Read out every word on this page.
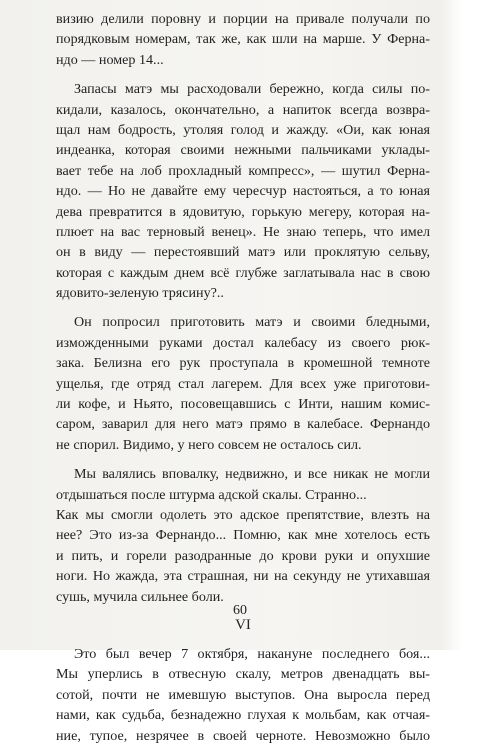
визию делили поровну и порции на привале получали по
порядковым номерам, так же, как шли на марше. У Ферна-
ндо — номер 14...
Запасы матэ мы расходовали бережно, когда силы по-
кидали, казалось, окончательно, а напиток всегда возвра-
щал нам бодрость, утоляя голод и жажду. «Ои, как юная
индеанка, которая своими нежными пальчиками уклады-
вает тебе на лоб прохладный компресс», — шутил Ферна-
ндо. — Но не давайте ему чересчур настояться, а то юная
дева превратится в ядовитую, горькую мегеру, которая на-
плюет на вас терновый венец». Не знаю теперь, что имел
он в виду — перестоявший матэ или проклятую сельву,
которая с каждым днем всё глубже заглатывала нас в свою
ядовито-зеленую трясину?..
Он попросил приготовить матэ и своими бледными,
изможденными руками достал калебасу из своего рюк-
зака. Белизна его рук проступала в кромешной темноте
ущелья, где отряд стал лагерем. Для всех уже приготови-
ли кофе, и Ньято, посовещавшись с Инти, нашим комис-
саром, заварил для него матэ прямо в калебасе. Фернандо
не спорил. Видимо, у него совсем не осталось сил.
Мы валялись вповалку, недвижно, и все никак не могли
отдышаться после штурма адской скалы. Странно...
Как мы смогли одолеть это адское препятствие, влезть на
нее? Это из-за Фернандо... Помню, как мне хотелось есть
и пить, и горели разодранные до крови руки и опухшие
ноги. Но жажда, эта страшная, ни на секунду не утихавшая
сушь, мучила сильнее боли.
VI
Это был вечер 7 октября, накануне последнего боя...
Мы уперлись в отвесную скалу, метров двенадцать вы-
сотой, почти не имевшую выступов. Она выросла перед
нами, как судьба, безнадежно глухая к мольбам, как отчая-
ние, тупое, незрячее в своей черноте. Невозможно было
60
